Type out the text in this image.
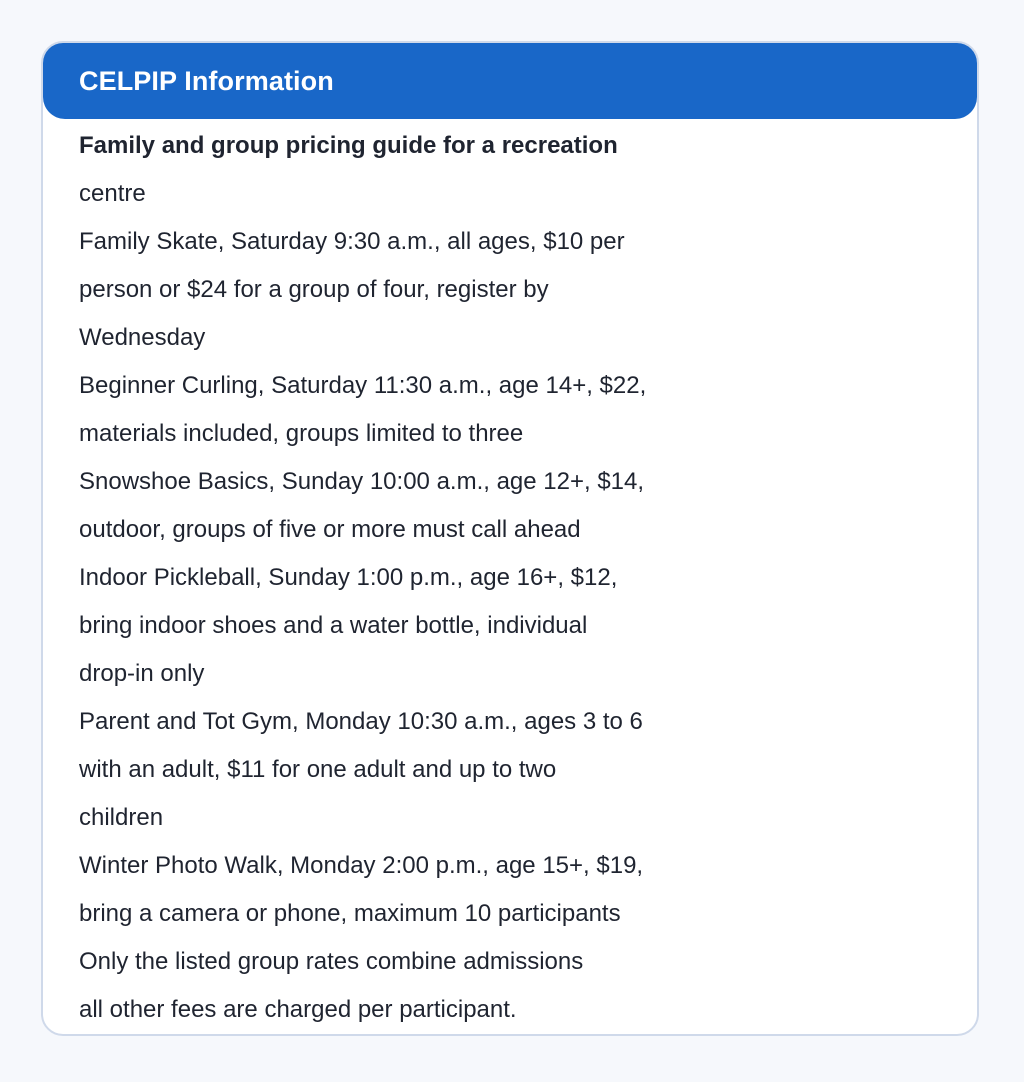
CELPIP Information
Family and group pricing guide for a recreation
centre
Family Skate, Saturday 9:30 a.m., all ages, $10 per
person or $24 for a group of four, register by
Wednesday
Beginner Curling, Saturday 11:30 a.m., age 14+, $22,
materials included, groups limited to three
Snowshoe Basics, Sunday 10:00 a.m., age 12+, $14,
outdoor, groups of five or more must call ahead
Indoor Pickleball, Sunday 1:00 p.m., age 16+, $12,
bring indoor shoes and a water bottle, individual
drop-in only
Parent and Tot Gym, Monday 10:30 a.m., ages 3 to 6
with an adult, $11 for one adult and up to two
children
Winter Photo Walk, Monday 2:00 p.m., age 15+, $19,
bring a camera or phone, maximum 10 participants
Only the listed group rates combine admissions
all other fees are charged per participant.
